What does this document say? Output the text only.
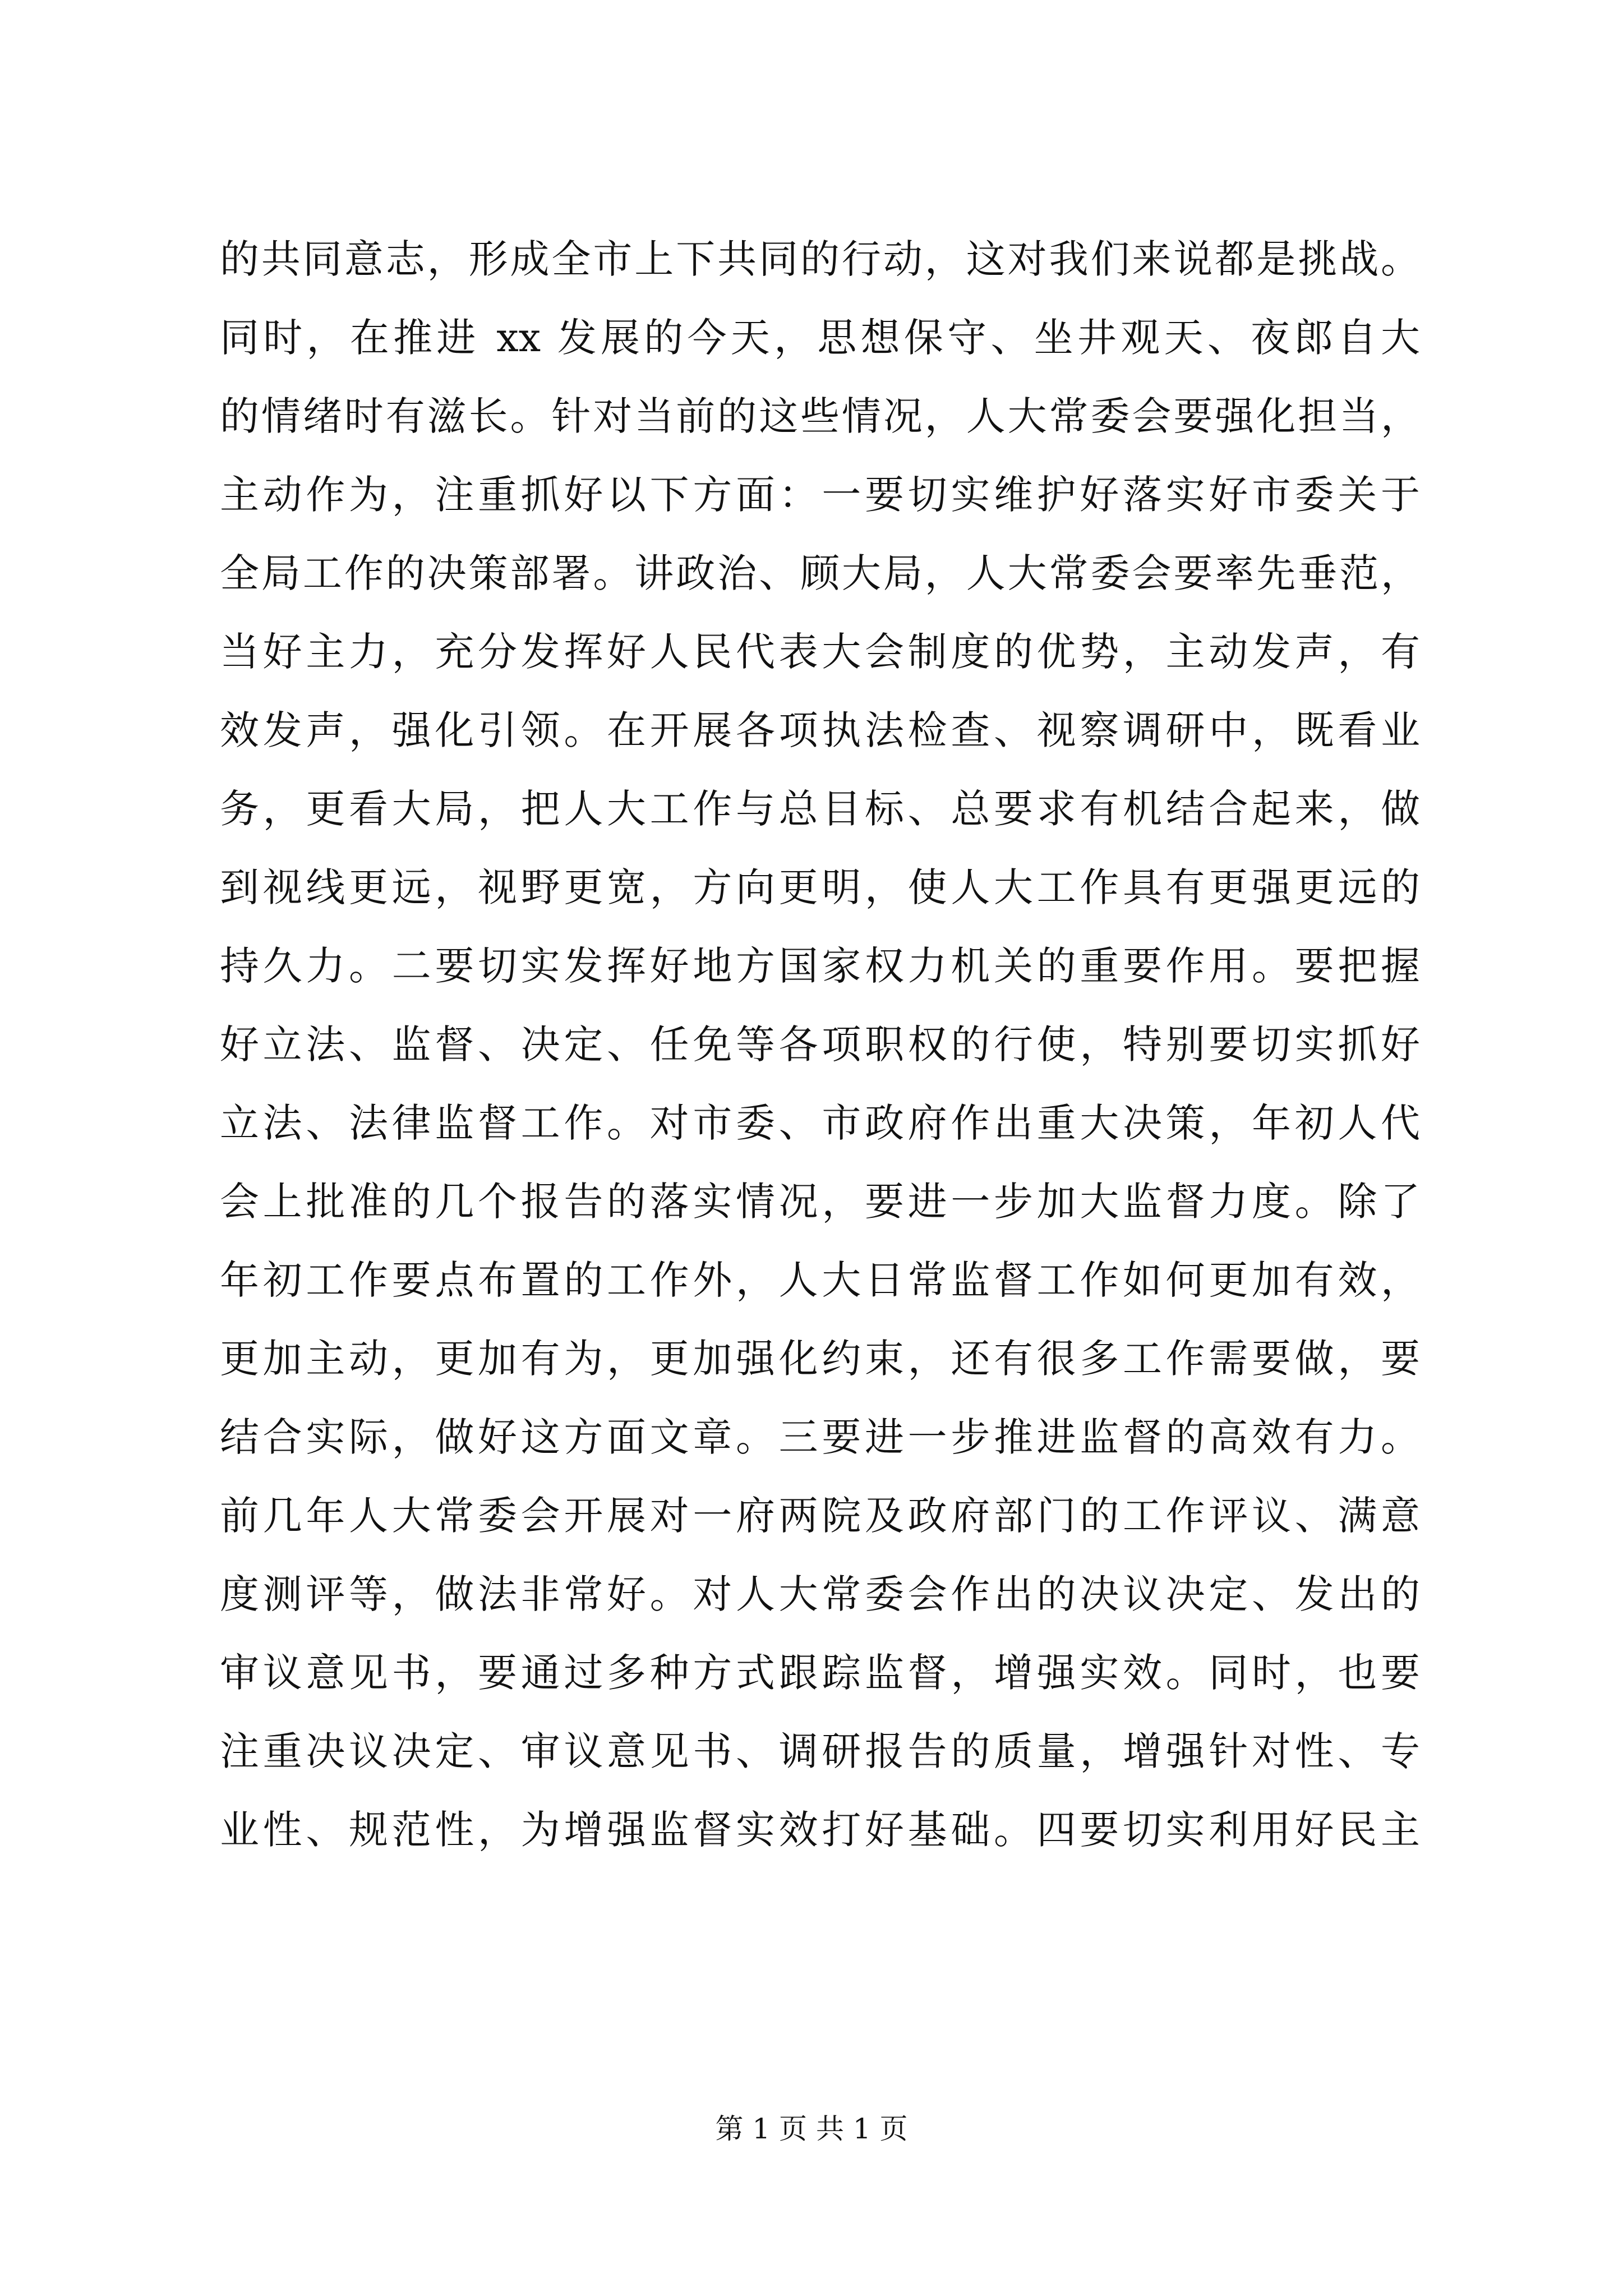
的共同意志，形成全市上下共同的行动，这对我们来说都是挑战。
同时，在推进 xx 发展的今天，思想保守、坐井观天、夜郎自大
的情绪时有滋长。针对当前的这些情况，人大常委会要强化担当，
主动作为，注重抓好以下方面：一要切实维护好落实好市委关于
全局工作的决策部署。讲政治、顾大局，人大常委会要率先垂范，
当好主力，充分发挥好人民代表大会制度的优势，主动发声，有
效发声，强化引领。在开展各项执法检查、视察调研中，既看业
务，更看大局，把人大工作与总目标、总要求有机结合起来，做
到视线更远，视野更宽，方向更明，使人大工作具有更强更远的
持久力。二要切实发挥好地方国家权力机关的重要作用。要把握
好立法、监督、决定、任免等各项职权的行使，特别要切实抓好
立法、法律监督工作。对市委、市政府作出重大决策，年初人代
会上批准的几个报告的落实情况，要进一步加大监督力度。除了
年初工作要点布置的工作外，人大日常监督工作如何更加有效，
更加主动，更加有为，更加强化约束，还有很多工作需要做，要
结合实际，做好这方面文章。三要进一步推进监督的高效有力。
前几年人大常委会开展对一府两院及政府部门的工作评议、满意
度测评等，做法非常好。对人大常委会作出的决议决定、发出的
审议意见书，要通过多种方式跟踪监督，增强实效。同时，也要
注重决议决定、审议意见书、调研报告的质量，增强针对性、专
业性、规范性，为增强监督实效打好基础。四要切实利用好民主
第 1 页 共 1 页
